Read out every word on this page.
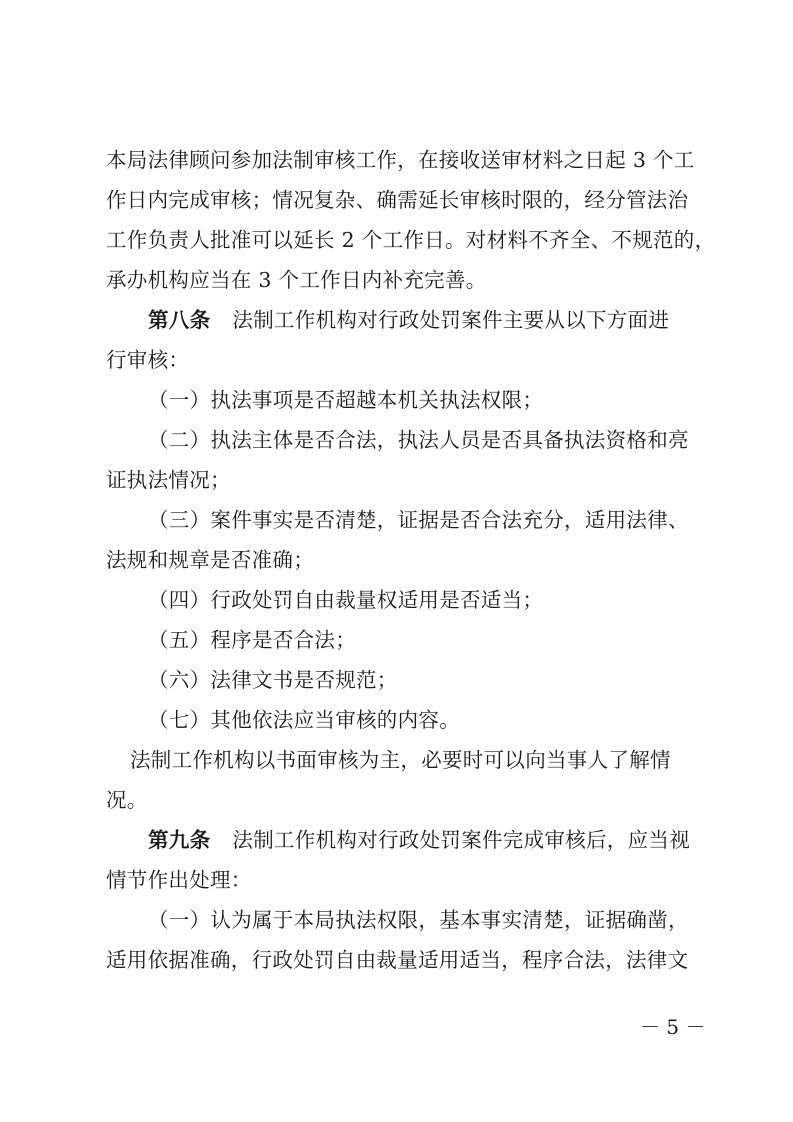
本局法律顾问参加法制审核工作，在接收送审材料之日起 3 个工
作日内完成审核；情况复杂、确需延长审核时限的，经分管法治
工作负责人批准可以延长 2 个工作日。对材料不齐全、不规范的，
承办机构应当在 3 个工作日内补充完善。
第八条 法制工作机构对行政处罚案件主要从以下方面进
行审核：
（一）执法事项是否超越本机关执法权限；
（二）执法主体是否合法，执法人员是否具备执法资格和亮
证执法情况；
（三）案件事实是否清楚，证据是否合法充分，适用法律、
法规和规章是否准确；
（四）行政处罚自由裁量权适用是否适当；
（五）程序是否合法；
（六）法律文书是否规范；
（七）其他依法应当审核的内容。
法制工作机构以书面审核为主，必要时可以向当事人了解情
况。
第九条 法制工作机构对行政处罚案件完成审核后，应当视
情节作出处理：
（一）认为属于本局执法权限，基本事实清楚，证据确凿，
适用依据准确，行政处罚自由裁量适用适当，程序合法，法律文
－ 5 －
